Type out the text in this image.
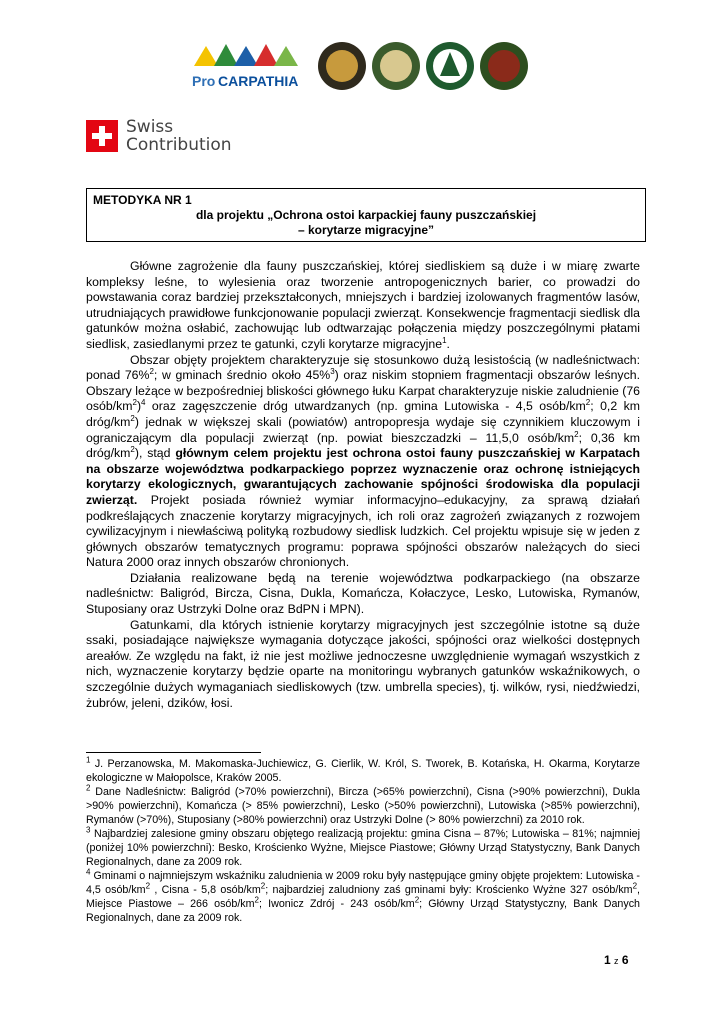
Pro CARPATHIA
Swiss
Contribution
METODYKA NR 1
dla projektu „Ochrona ostoi karpackiej fauny puszczańskiej
– korytarze migracyjne”

Główne zagrożenie dla fauny puszczańskiej, której siedliskiem są duże i w miarę zwarte kompleksy leśne, to wylesienia oraz tworzenie antropogenicznych barier, co prowadzi do powstawania coraz bardziej przekształconych, mniejszych i bardziej izolowanych fragmentów lasów, utrudniających prawidłowe funkcjonowanie populacji zwierząt. Konsekwencje fragmentacji siedlisk dla gatunków można osłabić, zachowując lub odtwarzając połączenia między poszczególnymi płatami siedlisk, zasiedlanymi przez te gatunki, czyli korytarze migracyjne$^1$.

Obszar objęty projektem charakteryzuje się stosunkowo dużą lesistością (w nadleśnictwach: ponad 76%$^2$; w gminach średnio około 45%$^3$) oraz niskim stopniem fragmentacji obszarów leśnych. Obszary leżące w bezpośredniej bliskości głównego łuku Karpat charakteryzuje niskie zaludnienie (76 osób/$km^2)^4$ oraz zagęszczenie dróg utwardzanych (np. gmina Lutowiska - 4,5 osób/$km^2$; 0,2 km dróg/$km^2$) jednak w większej skali (powiatów) antropopresja wydaje się czynnikiem kluczowym i ograniczającym dla populacji zwierząt (np. powiat bieszczadzki – 11,5,0 osób/$km^2$; 0,36 km dróg/$km^2$), stąd głównym celem projektu jest ochrona ostoi fauny puszczańskiej w Karpatach na obszarze województwa podkarpackiego poprzez wyznaczenie oraz ochronę istniejących korytarzy ekologicznych, gwarantujących zachowanie spójności środowiska dla populacji zwierząt. Projekt posiada również wymiar informacyjno–edukacyjny, za sprawą działań podkreślających znaczenie korytarzy migracyjnych, ich roli oraz zagrożeń związanych z rozwojem cywilizacyjnym i niewłaściwą polityką rozbudowy siedlisk ludzkich. Cel projektu wpisuje się w jeden z głównych obszarów tematycznych programu: poprawa spójności obszarów należących do sieci Natura 2000 oraz innych obszarów chronionych.

Działania realizowane będą na terenie województwa podkarpackiego (na obszarze nadleśnictw: Baligród, Bircza, Cisna, Dukla, Komańcza, Kołaczyce, Lesko, Lutowiska, Rymanów, Stuposiany oraz Ustrzyki Dolne oraz BdPN i MPN).

Gatunkami, dla których istnienie korytarzy migracyjnych jest szczególnie istotne są duże ssaki, posiadające największe wymagania dotyczące jakości, spójności oraz wielkości dostępnych areałów. Ze względu na fakt, iż nie jest możliwe jednoczesne uwzględnienie wymagań wszystkich z nich, wyznaczenie korytarzy będzie oparte na monitoringu wybranych gatunków wskaźnikowych, o szczególnie dużych wymaganiach siedliskowych (tzw. umbrella species), tj. wilków, rysi, niedźwiedzi, żubrów, jeleni, dzików, łosi.

$^1$ J. Perzanowska, M. Makomaska-Juchiewicz, G. Cierlik, W. Król, S. Tworek, B. Kotańska, H. Okarma, Korytarze ekologiczne w Małopolsce, Kraków 2005.

$^2$ Dane Nadleśnictw: Baligród (>70% powierzchni), Bircza (>65% powierzchni), Cisna (>90% powierzchni), Dukla >90% powierzchni), Komańcza (> 85% powierzchni), Lesko (>50% powierzchni), Lutowiska (>85% powierzchni), Rymanów (>70%), Stuposiany (>80% powierzchni) oraz Ustrzyki Dolne (> 80% powierzchni) za 2010 rok.

$^3$ Najbardziej zalesione gminy obszaru objętego realizacją projektu: gmina Cisna – 87%; Lutowiska – 81%; najmniej (poniżej 10% powierzchni): Besko, Krościenko Wyżne, Miejsce Piastowe; Główny Urząd Statystyczny, Bank Danych Regionalnych, dane za 2009 rok.

$^4$ Gminami o najmniejszym wskaźniku zaludnienia w 2009 roku były następujące gminy objęte projektem: Lutowiska - 4,5 osób/$km^2$ , Cisna - 5,8 osób/$km^2$; najbardziej zaludniony zaś gminami były: Krościenko Wyżne 327 osób/$km^2$, Miejsce Piastowe – 266 osób/$km^2$; Iwonicz Zdrój - 243 osób/$km^2$; Główny Urząd Statystyczny, Bank Danych Regionalnych, dane za 2009 rok.

1 z 6
